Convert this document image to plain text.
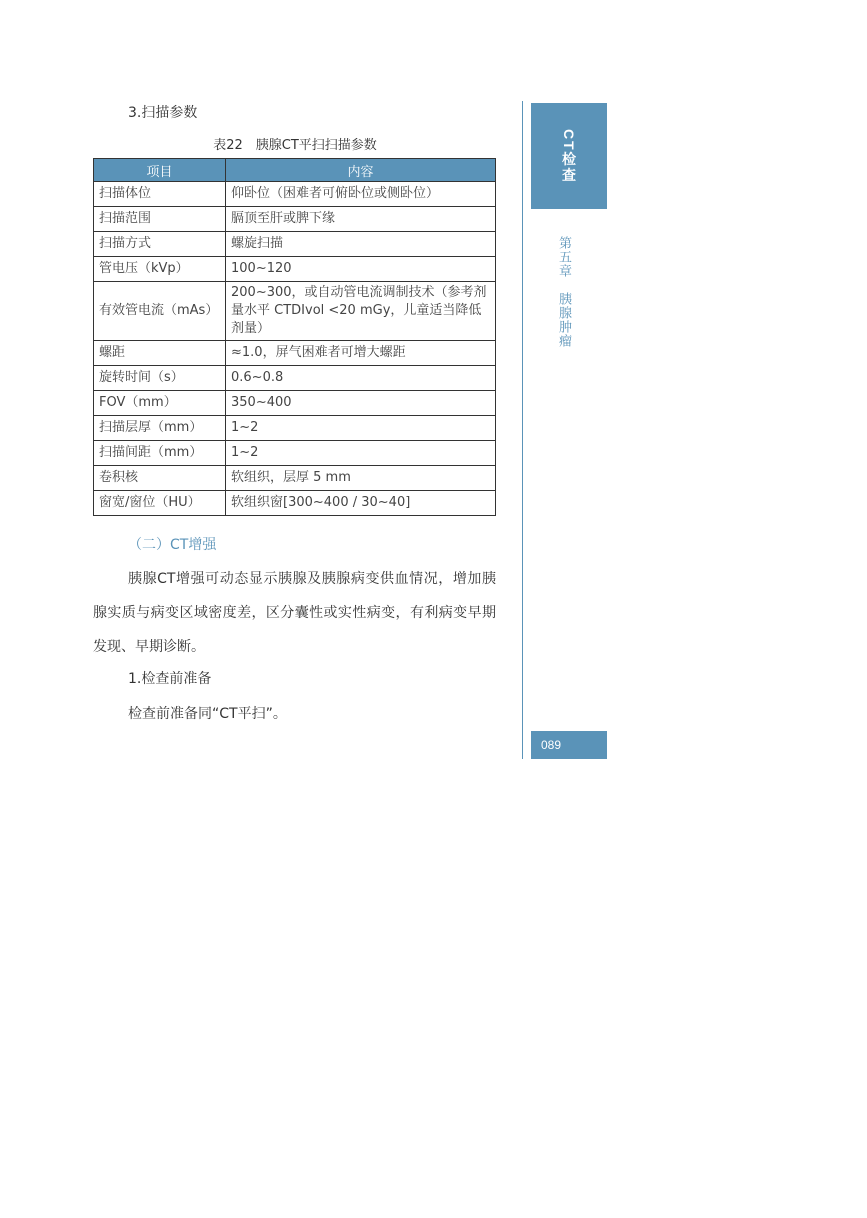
3.扫描参数
表22　胰腺CT平扫扫描参数
项目	内容
扫描体位	仰卧位（困难者可俯卧位或侧卧位）
扫描范围	膈顶至肝或脾下缘
扫描方式	螺旋扫描
管电压（kVp）	100~120
有效管电流（mAs）	200~300，或自动管电流调制技术（参考剂量水平 CTDIvol <20 mGy，儿童适当降低剂量）
螺距	≈1.0，屏气困难者可增大螺距
旋转时间（s）	0.6~0.8
FOV（mm）	350~400
扫描层厚（mm）	1~2
扫描间距（mm）	1~2
卷积核	软组织，层厚 5 mm
窗宽/窗位（HU）	软组织窗[300~400 / 30~40]
（二）CT增强

胰腺CT增强可动态显示胰腺及胰腺病变供血情况，增加胰腺实质与病变区域密度差，区分囊性或实性病变，有利病变早期发现、早期诊断。

1.检查前准备
检查前准备同“CT平扫”。
CT检查
第五章胰腺肿瘤
089
